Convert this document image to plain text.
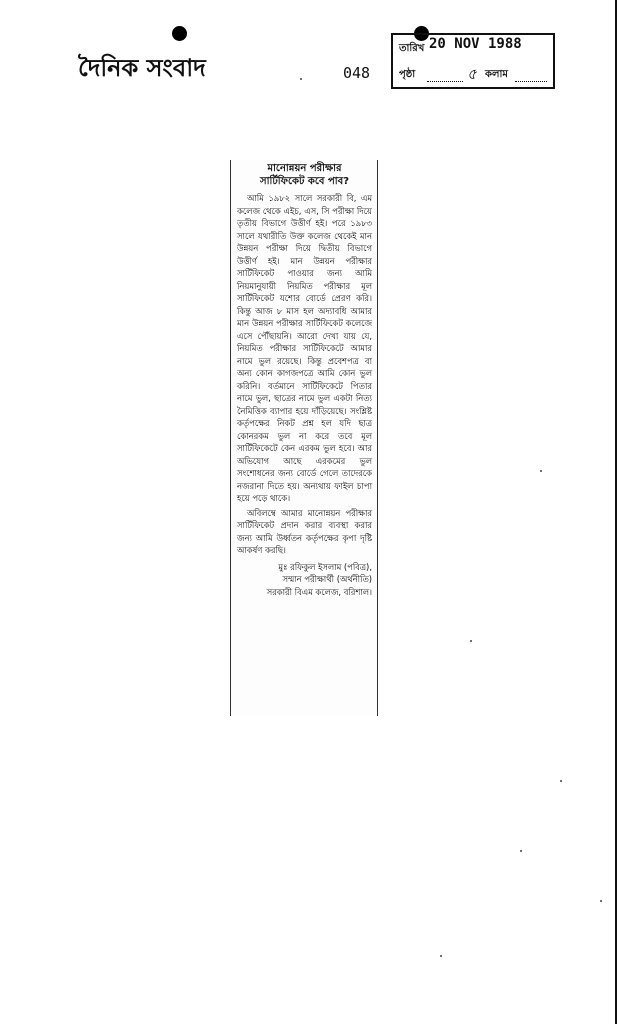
দৈনিক সংবাদ	048
তারিখ 20 NOV 1988
পৃষ্ঠা	৫ কলাম
মানোন্নয়ন পরীক্ষার
সার্টিফিকেট কবে পাব?

আমি ১৯৮২ সালে সরকারী বি, এম কলেজ থেকে এইচ, এস, সি পরীক্ষা দিয়ে তৃতীয় বিভাগে উত্তীর্ণ হই। পরে ১৯৮৩ সালে যথারীতি উক্ত কলেজ থেকেই মান উন্নয়ন পরীক্ষা দিয়ে দ্বিতীয় বিভাগে উত্তীর্ণ হই। মান উন্নয়ন পরীক্ষার সার্টিফিকেট পাওয়ার জন্য আমি নিয়মানুযায়ী নিয়মিত পরীক্ষার মূল সার্টিফিকেট যশোর বোর্ডে প্রেরণ করি। কিন্তু আজ ৮ মাস হল অদ্যাবধি আমার মান উন্নয়ন পরীক্ষার সার্টিফিকেট কলেজে এসে পৌঁছায়নি। আরো দেখা যায় যে, নিয়মিত পরীক্ষার সার্টিফিকেটে আমার নামে ভুল রয়েছে। কিন্তু প্রবেশপত্র বা অন্য কোন কাগজপত্রে আমি কোন ভুল করিনি। বর্তমানে সার্টিফিকেটে পিতার নামে ভুল, ছাত্রের নামে ভুল একটা নিত্য নৈমিত্তিক ব্যাপার হয়ে দাঁড়িয়েছে। সংশ্লিষ্ট কর্তৃপক্ষের নিকট প্রশ্ন হল যদি ছাত্র কোনরকম ভুল না করে তবে মূল সার্টিফিকেটে কেন এরকম ভুল হবে। আর অভিযোগ আছে এরকমের ভুল সংশোধনের জন্য বোর্ডে গেলে তাদেরকে নজরানা দিতে হয়। অন্যথায় ফাইল চাপা হয়ে পড়ে থাকে।

অবিলম্বে আমার মানোন্নয়ন পরীক্ষার সার্টিফিকেট প্রদান করার ব্যবস্থা করার জন্য আমি উর্ধ্বতন কর্তৃপক্ষের কৃপা দৃষ্টি আকর্ষণ করছি।

মুঃ রফিকুল ইসলাম (পবিত্র),
সম্মান পরীক্ষার্থী (অর্থনীতি)
সরকারী বিএম কলেজ, বরিশাল।
